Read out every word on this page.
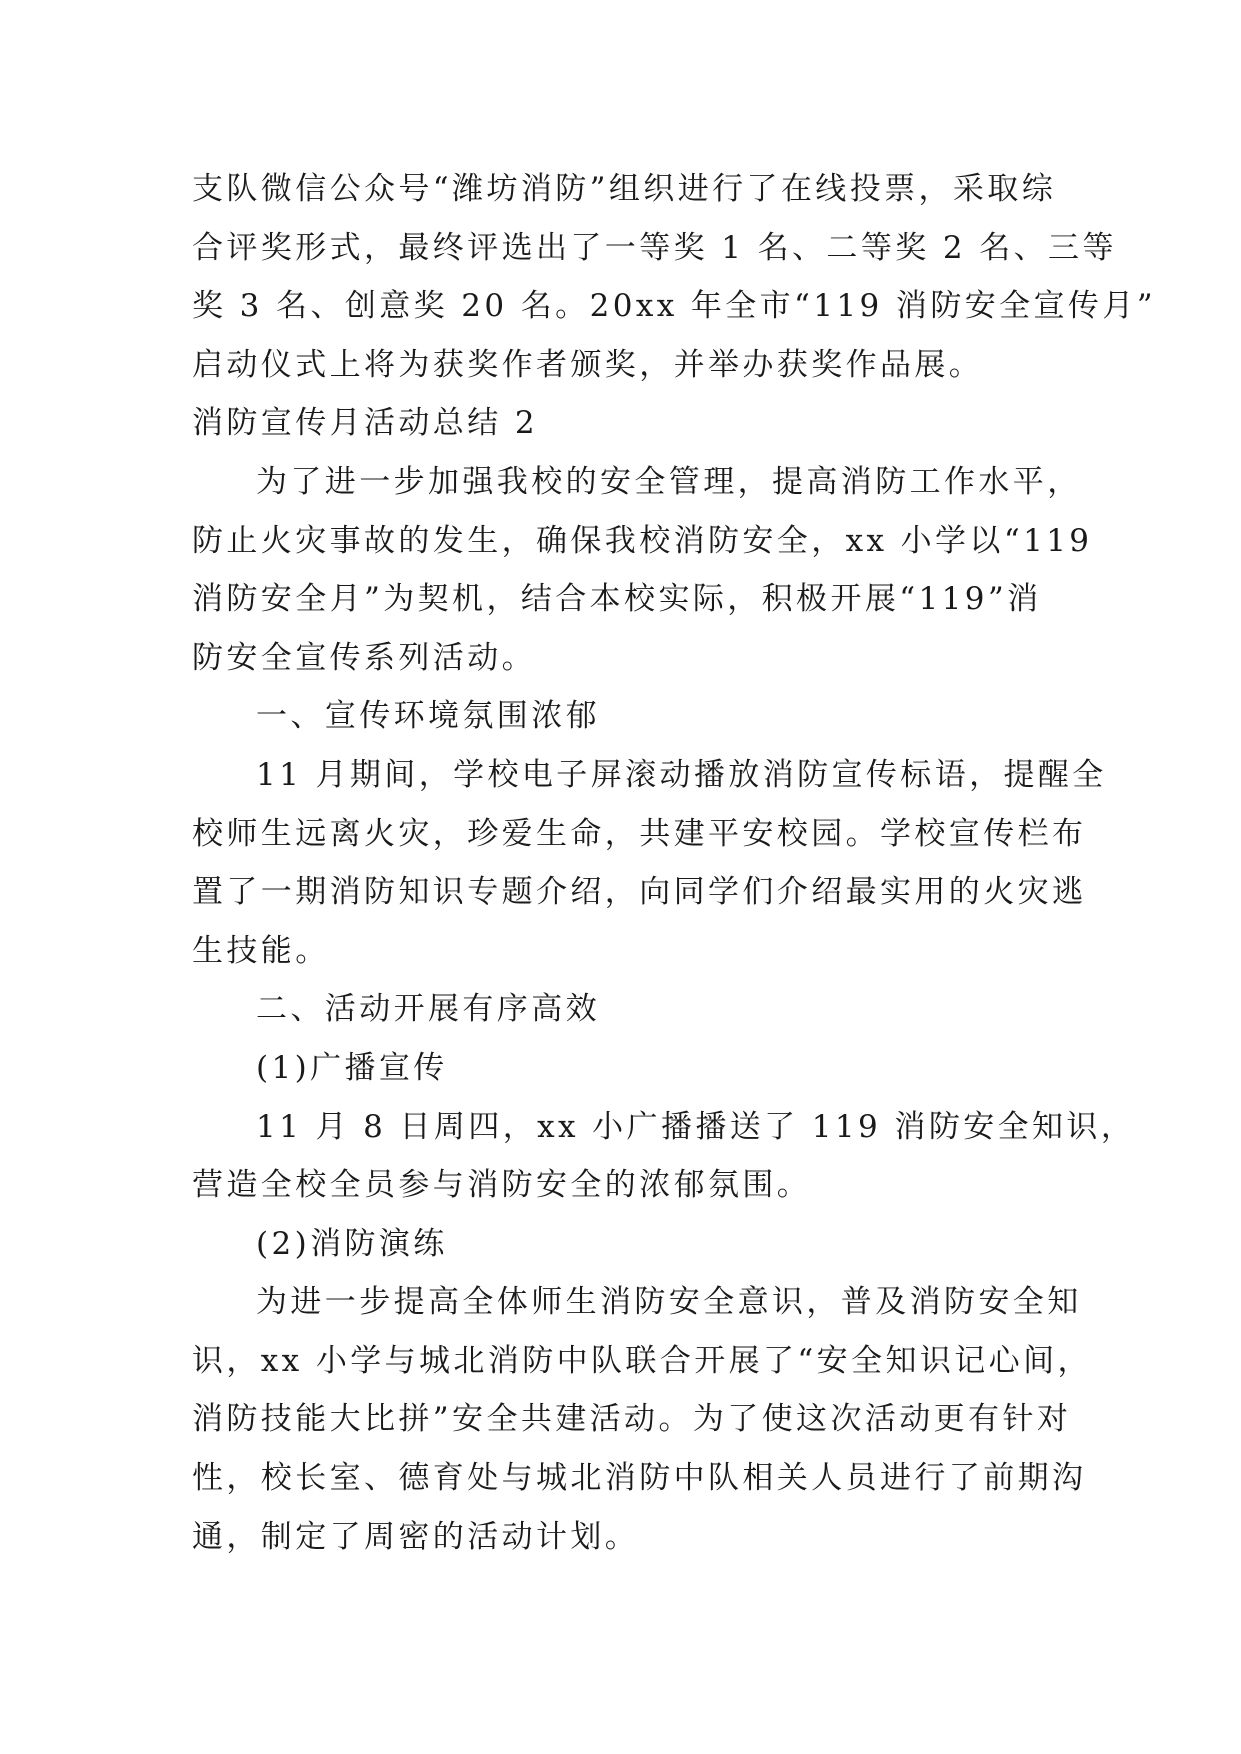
支队微信公众号“潍坊消防”组织进行了在线投票，采取综
合评奖形式，最终评选出了一等奖 1 名、二等奖 2 名、三等
奖 3 名、创意奖 20 名。20xx 年全市“119 消防安全宣传月”
启动仪式上将为获奖作者颁奖，并举办获奖作品展。
消防宣传月活动总结 2
为了进一步加强我校的安全管理，提高消防工作水平，
防止火灾事故的发生，确保我校消防安全，xx 小学以“119
消防安全月”为契机，结合本校实际，积极开展“119”消
防安全宣传系列活动。
一、宣传环境氛围浓郁
11 月期间，学校电子屏滚动播放消防宣传标语，提醒全
校师生远离火灾，珍爱生命，共建平安校园。学校宣传栏布
置了一期消防知识专题介绍，向同学们介绍最实用的火灾逃
生技能。
二、活动开展有序高效
(1)广播宣传
11 月 8 日周四，xx 小广播播送了 119 消防安全知识，
营造全校全员参与消防安全的浓郁氛围。
(2)消防演练
为进一步提高全体师生消防安全意识，普及消防安全知
识，xx 小学与城北消防中队联合开展了“安全知识记心间，
消防技能大比拼”安全共建活动。为了使这次活动更有针对
性，校长室、德育处与城北消防中队相关人员进行了前期沟
通，制定了周密的活动计划。
